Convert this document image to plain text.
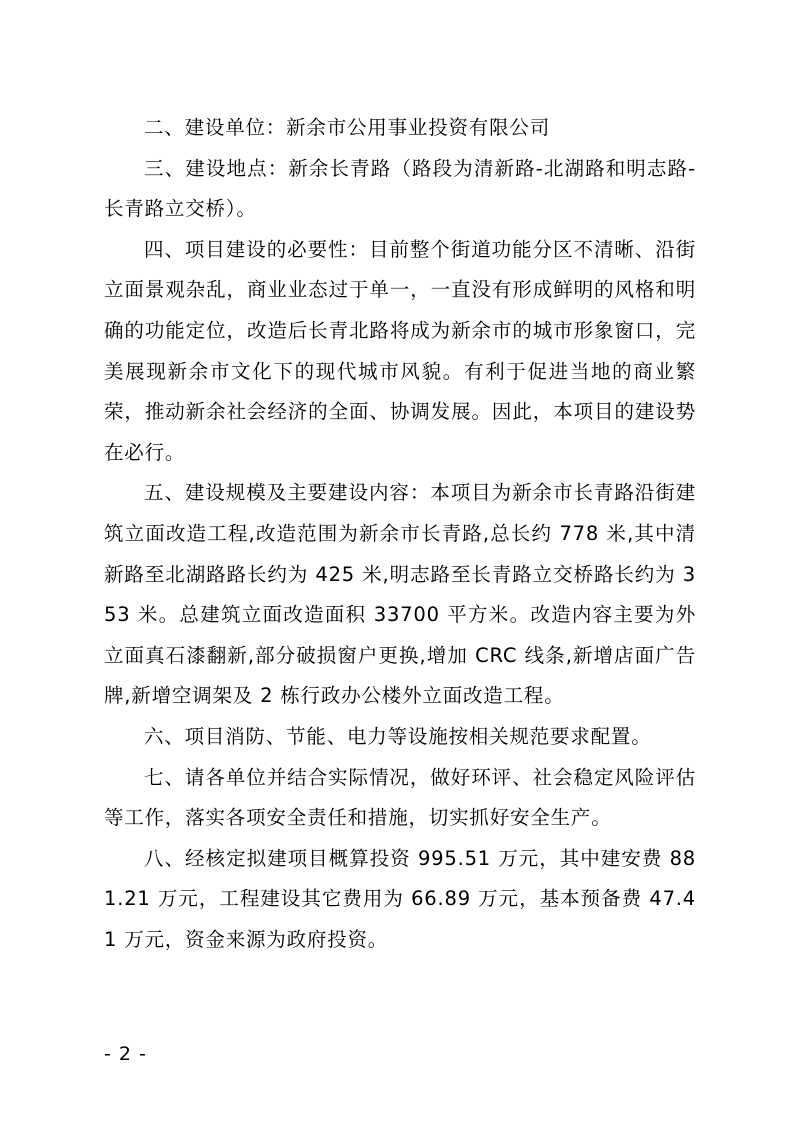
二、建设单位：新余市公用事业投资有限公司

三、建设地点：新余长青路（路段为清新路-北湖路和明志路-长青路立交桥）。

四、项目建设的必要性：目前整个街道功能分区不清晰、沿街立面景观杂乱，商业业态过于单一，一直没有形成鲜明的风格和明确的功能定位，改造后长青北路将成为新余市的城市形象窗口，完美展现新余市文化下的现代城市风貌。有利于促进当地的商业繁荣，推动新余社会经济的全面、协调发展。因此，本项目的建设势在必行。

五、建设规模及主要建设内容：本项目为新余市长青路沿街建筑立面改造工程,改造范围为新余市长青路,总长约 778 米,其中清新路至北湖路路长约为 425 米,明志路至长青路立交桥路长约为 353 米。总建筑立面改造面积 33700 平方米。改造内容主要为外立面真石漆翻新,部分破损窗户更换,增加 CRC 线条,新增店面广告牌,新增空调架及 2 栋行政办公楼外立面改造工程。

六、项目消防、节能、电力等设施按相关规范要求配置。

七、请各单位并结合实际情况，做好环评、社会稳定风险评估等工作，落实各项安全责任和措施，切实抓好安全生产。

八、经核定拟建项目概算投资 995.51 万元，其中建安费 881.21 万元，工程建设其它费用为 66.89 万元，基本预备费 47.41 万元，资金来源为政府投资。

- 2 -
